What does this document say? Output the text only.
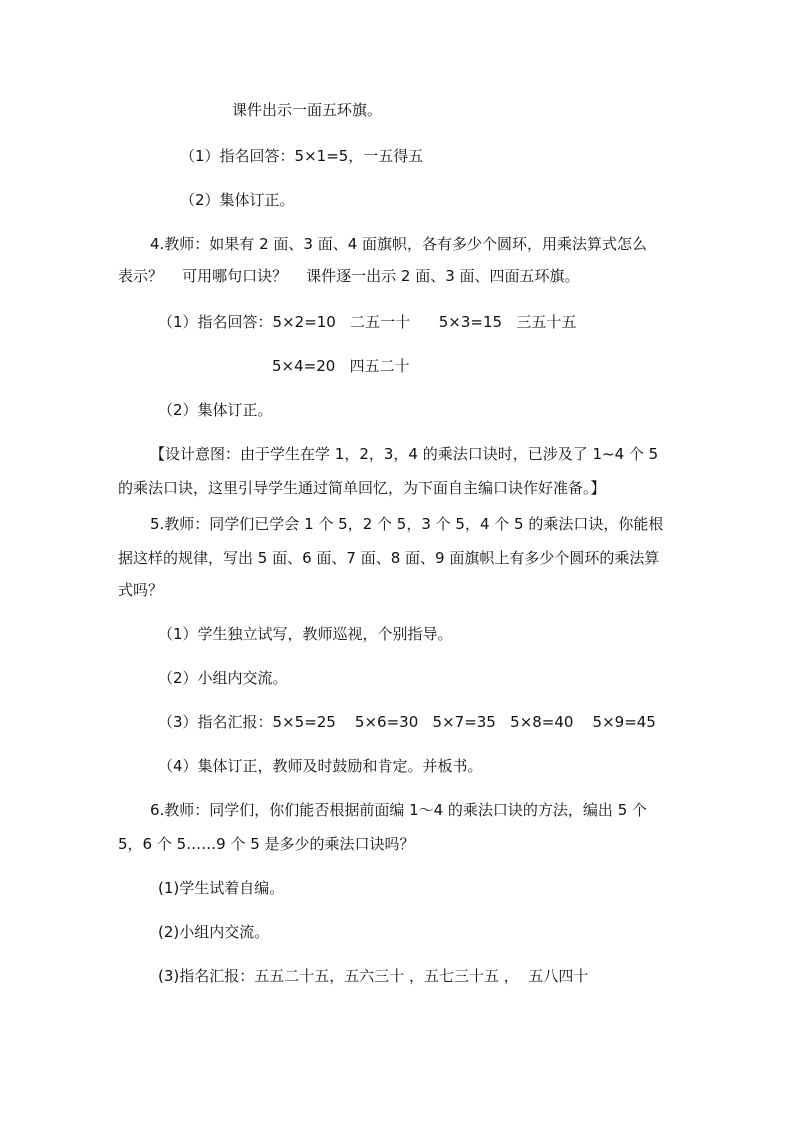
课件出示一面五环旗。
（1）指名回答：5×1=5，一五得五
（2）集体订正。
4.教师：如果有 2 面、3 面、4 面旗帜，各有多少个圆环，用乘法算式怎么
表示？    可用哪句口诀？    课件逐一出示 2 面、3 面、四面五环旗。
（1）指名回答：5×2=10   二五一十      5×3=15   三五十五
5×4=20   四五二十
（2）集体订正。
【设计意图：由于学生在学 1，2，3，4 的乘法口诀时，已涉及了 1~4 个 5
的乘法口诀，这里引导学生通过简单回忆，为下面自主编口诀作好准备。】
5.教师：同学们已学会 1 个 5，2 个 5，3 个 5，4 个 5 的乘法口诀，你能根
据这样的规律，写出 5 面、6 面、7 面、8 面、9 面旗帜上有多少个圆环的乘法算
式吗？
（1）学生独立试写，教师巡视，个别指导。
（2）小组内交流。
（3）指名汇报：5×5=25    5×6=30   5×7=35   5×8=40    5×9=45
（4）集体订正，教师及时鼓励和肯定。并板书。
6.教师：同学们，你们能否根据前面编 1～4 的乘法口诀的方法，编出 5 个
5，6 个 5……9 个 5 是多少的乘法口诀吗？
(1)学生试着自编。
(2)小组内交流。
(3)指名汇报：五五二十五，五六三十 ，五七三十五 ，  五八四十
